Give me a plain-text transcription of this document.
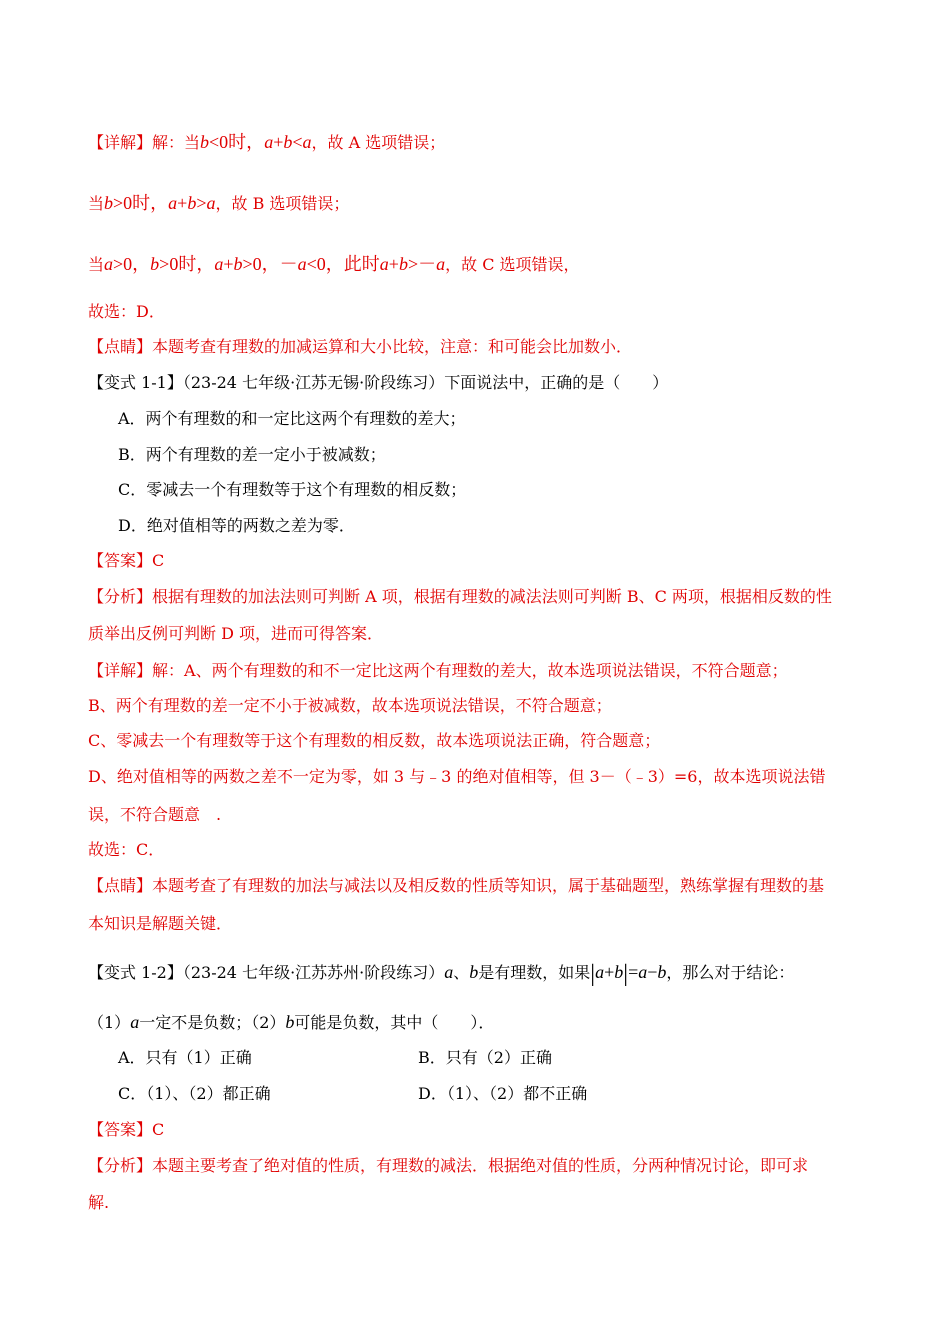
【详解】解：当b<0时，a+b<a，故 A 选项错误；
当b>0时，a+b>a，故 B 选项错误；
当a>0，b>0时，a+b>0，－a<0，此时a+b>－a，故 C 选项错误，
故选：D．
【点睛】本题考查有理数的加减运算和大小比较，注意：和可能会比加数小．
【变式 1-1】（23-24 七年级·江苏无锡·阶段练习）下面说法中，正确的是（　　）
A．两个有理数的和一定比这两个有理数的差大；
B．两个有理数的差一定小于被减数；
C．零减去一个有理数等于这个有理数的相反数；
D．绝对值相等的两数之差为零．
【答案】C
【分析】根据有理数的加法法则可判断 A 项，根据有理数的减法法则可判断 B、C 两项，根据相反数的性
质举出反例可判断 D 项，进而可得答案．
【详解】解：A、两个有理数的和不一定比这两个有理数的差大，故本选项说法错误，不符合题意；
B、两个有理数的差一定不小于被减数，故本选项说法错误，不符合题意；
C、零减去一个有理数等于这个有理数的相反数，故本选项说法正确，符合题意；
D、绝对值相等的两数之差不一定为零，如 3 与﹣3 的绝对值相等，但 3－（﹣3）=6，故本选项说法错
误，不符合题意　.
故选：C．
【点睛】本题考查了有理数的加法与减法以及相反数的性质等知识，属于基础题型，熟练掌握有理数的基
本知识是解题关键．
【变式 1-2】（23-24 七年级·江苏苏州·阶段练习）a、b是有理数，如果|a+b|=a−b，那么对于结论：
（1）a一定不是负数；（2）b可能是负数，其中（　　）．
A．只有（1）正确	B．只有（2）正确
C．（1）、（2）都正确	D．（1）、（2）都不正确
【答案】C
【分析】本题主要考查了绝对值的性质，有理数的减法．根据绝对值的性质，分两种情况讨论，即可求
解.
